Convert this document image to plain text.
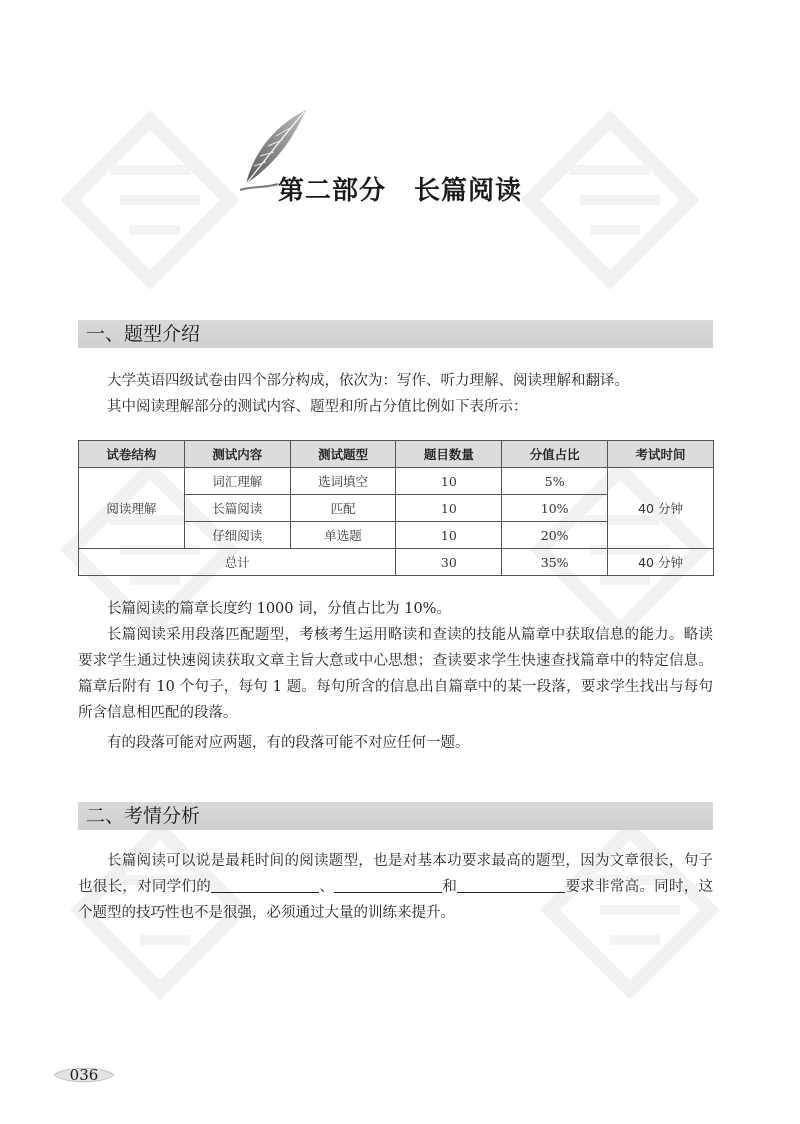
第二部分 长篇阅读
一、题型介绍

大学英语四级试卷由四个部分构成，依次为：写作、听力理解、阅读理解和翻译。

其中阅读理解部分的测试内容、题型和所占分值比例如下表所示：

试卷结构	测试内容	测试题型	题目数量	分值占比	考试时间
阅读理解	词汇理解	选词填空	10	5%	40 分钟
	长篇阅读	匹配	10	10%	
	仔细阅读	单选题	10	20%	
总计			30	35%	40 分钟

长篇阅读的篇章长度约 1000 词，分值占比为 10%。

长篇阅读采用段落匹配题型，考核考生运用略读和查读的技能从篇章中获取信息的能力。略读要求学生通过快速阅读获取文章主旨大意或中心思想；查读要求学生快速查找篇章中的特定信息。篇章后附有 10 个句子，每句 1 题。每句所含的信息出自篇章中的某一段落，要求学生找出与每句所含信息相匹配的段落。

有的段落可能对应两题，有的段落可能不对应任何一题。

二、考情分析

长篇阅读可以说是最耗时间的阅读题型，也是对基本功要求最高的题型，因为文章很长，句子也很长，对同学们的	、	和	要求非常高。同时，这个题型的技巧性也不是很强，必须通过大量的训练来提升。

036
